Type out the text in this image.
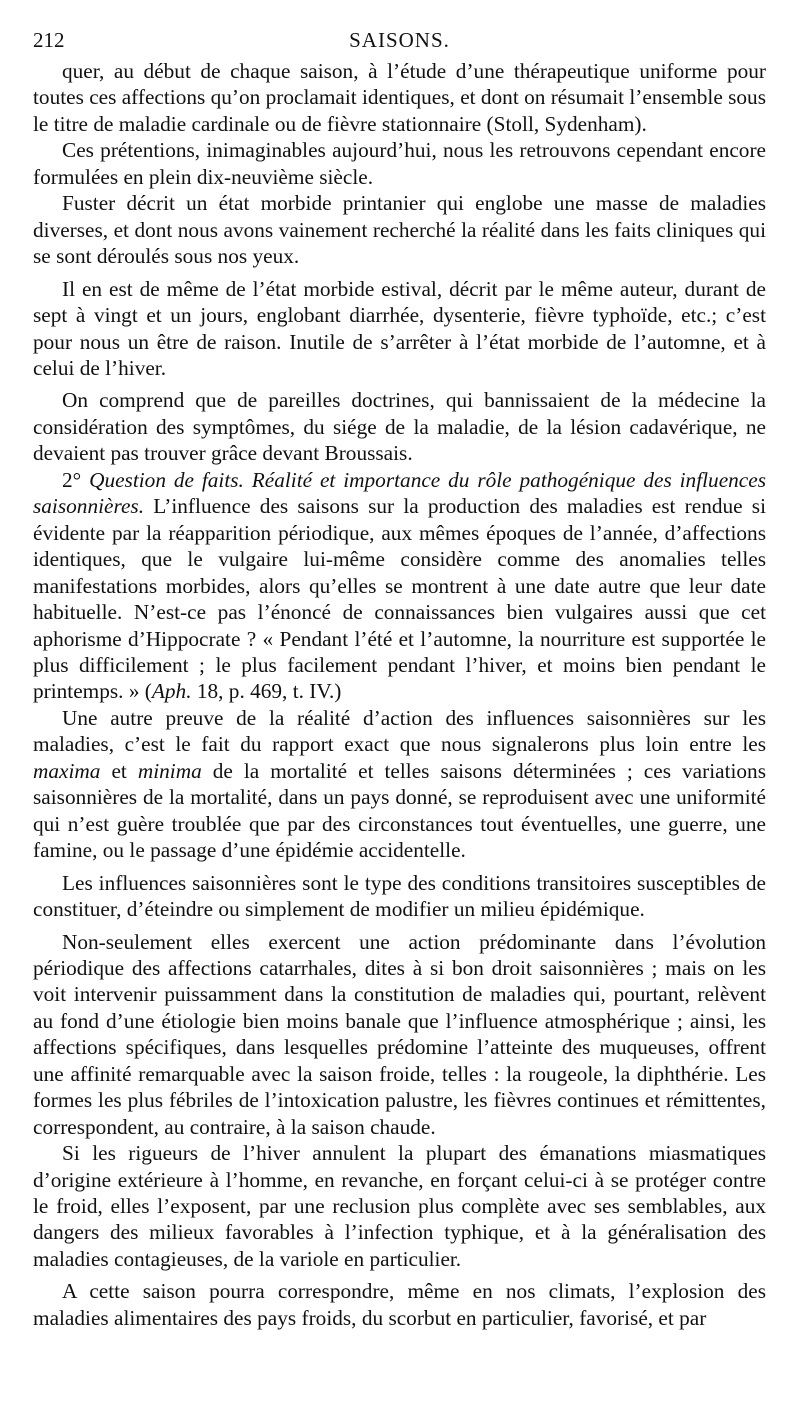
212	SAISONS.

quer, au début de chaque saison, à l’étude d’une thérapeutique uniforme pour toutes ces affections qu’on proclamait identiques, et dont on résumait l’ensemble sous le titre de maladie cardinale ou de fièvre stationnaire (Stoll, Sydenham).

Ces prétentions, inimaginables aujourd’hui, nous les retrouvons cependant encore formulées en plein dix-neuvième siècle.

Fuster décrit un état morbide printanier qui englobe une masse de maladies diverses, et dont nous avons vainement recherché la réalité dans les faits cliniques qui se sont déroulés sous nos yeux.

Il en est de même de l’état morbide estival, décrit par le même auteur, durant de sept à vingt et un jours, englobant diarrhée, dysenterie, fièvre typhoïde, etc.; c’est pour nous un être de raison. Inutile de s’arrêter à l’état morbide de l’automne, et à celui de l’hiver.

On comprend que de pareilles doctrines, qui bannissaient de la médecine la considération des symptômes, du siége de la maladie, de la lésion cadavérique, ne devaient pas trouver grâce devant Broussais.

2° Question de faits. Réalité et importance du rôle pathogénique des influences saisonnières. L’influence des saisons sur la production des maladies est rendue si évidente par la réapparition périodique, aux mêmes époques de l’année, d’affections identiques, que le vulgaire lui-même considère comme des anomalies telles manifestations morbides, alors qu’elles se montrent à une date autre que leur date habituelle. N’est-ce pas l’énoncé de connaissances bien vulgaires aussi que cet aphorisme d’Hippocrate ? « Pendant l’été et l’automne, la nourriture est supportée le plus difficilement ; le plus facilement pendant l’hiver, et moins bien pendant le printemps. » (Aph. 18, p. 469, t. IV.)

Une autre preuve de la réalité d’action des influences saisonnières sur les maladies, c’est le fait du rapport exact que nous signalerons plus loin entre les maxima et minima de la mortalité et telles saisons déterminées ; ces variations saisonnières de la mortalité, dans un pays donné, se reproduisent avec une uniformité qui n’est guère troublée que par des circonstances tout éventuelles, une guerre, une famine, ou le passage d’une épidémie accidentelle.

Les influences saisonnières sont le type des conditions transitoires susceptibles de constituer, d’éteindre ou simplement de modifier un milieu épidémique.

Non-seulement elles exercent une action prédominante dans l’évolution périodique des affections catarrhales, dites à si bon droit saisonnières ; mais on les voit intervenir puissamment dans la constitution de maladies qui, pourtant, relèvent au fond d’une étiologie bien moins banale que l’influence atmosphérique ; ainsi, les affections spécifiques, dans lesquelles prédomine l’atteinte des muqueuses, offrent une affinité remarquable avec la saison froide, telles : la rougeole, la diphthérie. Les formes les plus fébriles de l’intoxication palustre, les fièvres continues et rémittentes, correspondent, au contraire, à la saison chaude.

Si les rigueurs de l’hiver annulent la plupart des émanations miasmatiques d’origine extérieure à l’homme, en revanche, en forçant celui-ci à se protéger contre le froid, elles l’exposent, par une reclusion plus complète avec ses semblables, aux dangers des milieux favorables à l’infection typhique, et à la généralisation des maladies contagieuses, de la variole en particulier.

A cette saison pourra correspondre, même en nos climats, l’explosion des maladies alimentaires des pays froids, du scorbut en particulier, favorisé, et par
